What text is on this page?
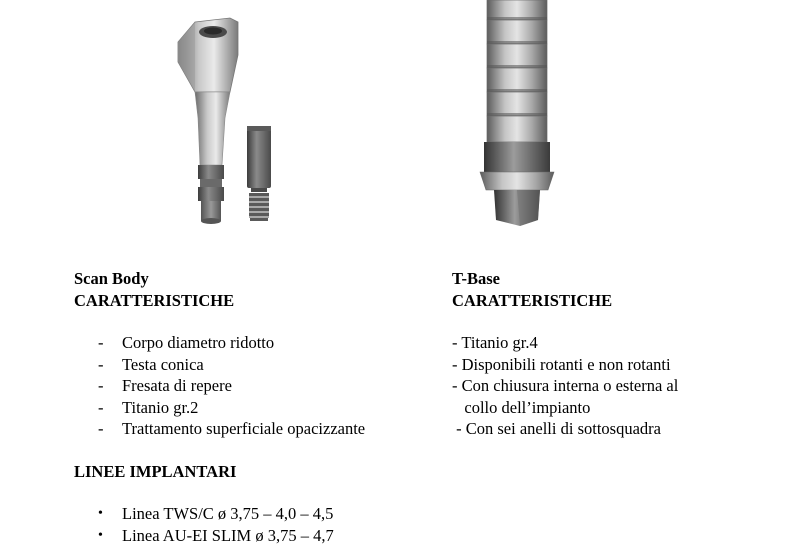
Scan Body
CARATTERISTICHE
- Corpo diametro ridotto
- Testa conica
- Fresata di repere
- Titanio gr.2
- Trattamento superficiale opacizzante
LINEE IMPLANTARI
• Linea TWS/C ø 3,75 – 4,0 – 4,5
• Linea AU-EI SLIM ø 3,75 – 4,7
T-Base
CARATTERISTICHE
- Titanio gr.4
- Disponibili rotanti e non rotanti
- Con chiusura interna o esterna al
collo dell’impianto
- Con sei anelli di sottosquadra
